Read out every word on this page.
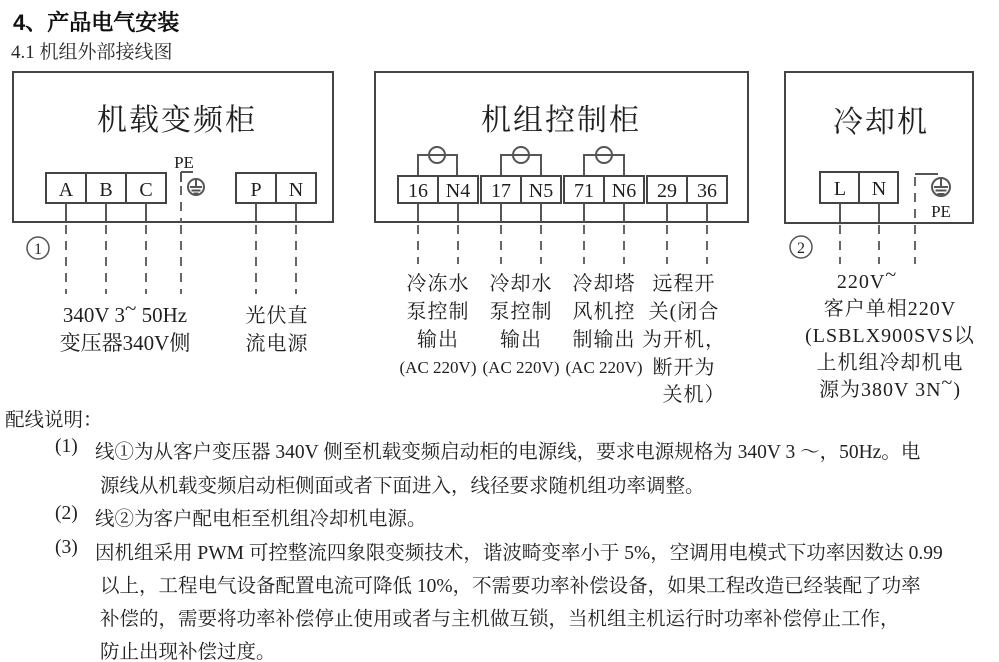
4、产品电气安装
4.1 机组外部接线图
机载变频柜
A B C
PE
P N
1
340V 3~ 50Hz
变压器340V侧
光伏直
流电源
机组控制柜
16 N4 17 N5 71 N6 29 36
冷冻水
泵控制
输出
(AC 220V)
冷却水
泵控制
输出
(AC 220V)
冷却塔
风机控
制输出
(AC 220V)
远程开
关(闭合
为开机，
断开为
关机）
冷却机
L N
PE
2
220V~
客户单相220V
(LSBLX900SVS以
上机组冷却机电
源为380V 3N~)
配线说明：
(1) 线①为从客户变压器 340V 侧至机载变频启动柜的电源线，要求电源规格为 340V 3 ～，50Hz。电
源线从机载变频启动柜侧面或者下面进入，线径要求随机组功率调整。
(2) 线②为客户配电柜至机组冷却机电源。
(3) 因机组采用 PWM 可控整流四象限变频技术，谐波畸变率小于 5%，空调用电模式下功率因数达 0.99
以上，工程电气设备配置电流可降低 10%，不需要功率补偿设备，如果工程改造已经装配了功率
补偿的，需要将功率补偿停止使用或者与主机做互锁，当机组主机运行时功率补偿停止工作，
防止出现补偿过度。
